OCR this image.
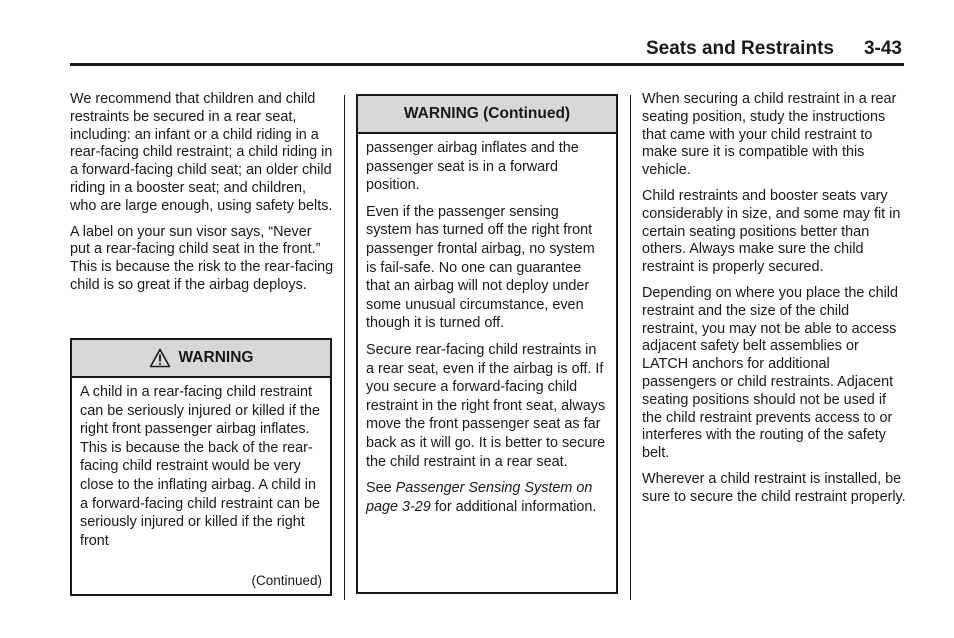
Seats and Restraints 3-43

We recommend that children and child restraints be secured in a rear seat, including: an infant or a child riding in a rear-facing child restraint; a child riding in a forward-facing child seat; an older child riding in a booster seat; and children, who are large enough, using safety belts.

A label on your sun visor says, “Never put a rear-facing child seat in the front.” This is because the risk to the rear-facing child is so great if the airbag deploys.

WARNING

A child in a rear-facing child restraint can be seriously injured or killed if the right front passenger airbag inflates. This is because the back of the rear-facing child restraint would be very close to the inflating airbag. A child in a forward-facing child restraint can be seriously injured or killed if the right front

(Continued)
WARNING (Continued)

passenger airbag inflates and the passenger seat is in a forward position.

Even if the passenger sensing system has turned off the right front passenger frontal airbag, no system is fail-safe. No one can guarantee that an airbag will not deploy under some unusual circumstance, even though it is turned off.

Secure rear-facing child restraints in a rear seat, even if the airbag is off. If you secure a forward-facing child restraint in the right front seat, always move the front passenger seat as far back as it will go. It is better to secure the child restraint in a rear seat.

See Passenger Sensing System on page 3-29 for additional information.

When securing a child restraint in a rear seating position, study the instructions that came with your child restraint to make sure it is compatible with this vehicle.

Child restraints and booster seats vary considerably in size, and some may fit in certain seating positions better than others. Always make sure the child restraint is properly secured.

Depending on where you place the child restraint and the size of the child restraint, you may not be able to access adjacent safety belt assemblies or LATCH anchors for additional passengers or child restraints. Adjacent seating positions should not be used if the child restraint prevents access to or interferes with the routing of the safety belt.

Wherever a child restraint is installed, be sure to secure the child restraint properly.
